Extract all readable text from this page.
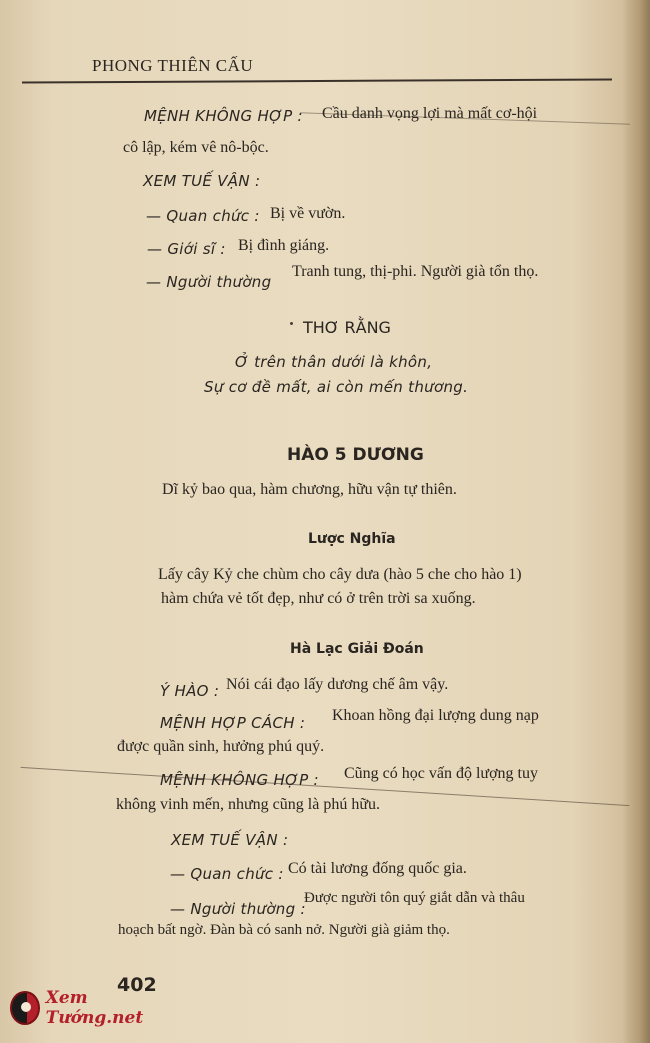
PHONG THIÊN CẤU
MỆNH KHÔNG HỢP : Cầu danh vọng lợi mà mất cơ-hội
cô lập, kém vê nô-bộc.
XEM TUẾ VẬN :
— Quan chức : Bị về vườn.
— Giới sĩ : Bị đình giáng.
— Người thường
Tranh tung, thị-phi. Người già tổn thọ.
THƠ RẰNG
Ở trên thân dưới là khôn,
Sự cơ đề mất, ai còn mến thương.
HÀO 5 DƯƠNG
Dĩ kỷ bao qua, hàm chương, hữu vận tự thiên.
Lược Nghĩa
Lấy cây Kỷ che chùm cho cây dưa (hào 5 che cho hào 1)
hàm chứa vẻ tốt đẹp, như có ở trên trời sa xuống.
Hà Lạc Giải Đoán
Ý HÀO : Nói cái đạo lấy dương chế âm vậy.
MỆNH HỢP CÁCH : Khoan hồng đại lượng dung nạp
được quần sinh, hưởng phú quý.
MỆNH KHÔNG HỢP : Cũng có học vấn độ lượng tuy
không vinh mến, nhưng cũng là phú hữu.
XEM TUẾ VẬN :
— Quan chức : Có tài lương đống quốc gia.
— Người thường :
Được người tôn quý giắt dẫn và thâu
hoạch bất ngờ. Đàn bà có sanh nở. Người già giảm thọ.
402
Xem Tướng.net
